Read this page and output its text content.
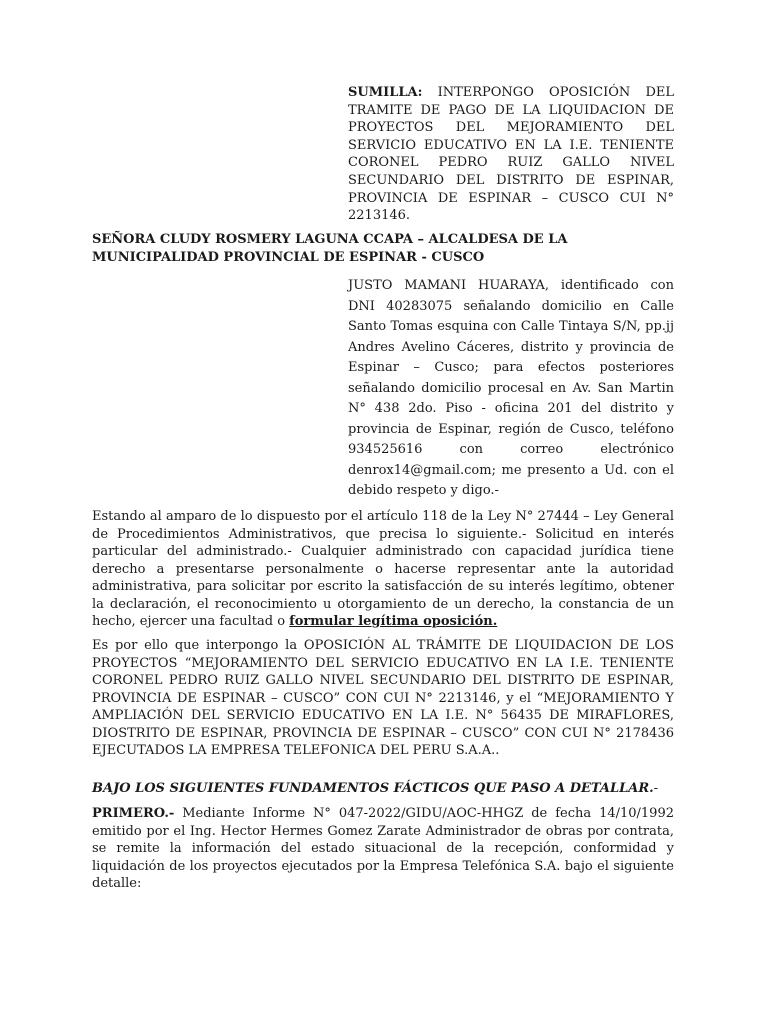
SUMILLA: INTERPONGO OPOSICIÓN DEL TRAMITE DE PAGO DE LA LIQUIDACION DE PROYECTOS DEL MEJORAMIENTO DEL SERVICIO EDUCATIVO EN LA I.E. TENIENTE CORONEL PEDRO RUIZ GALLO NIVEL SECUNDARIO DEL DISTRITO DE ESPINAR, PROVINCIA DE ESPINAR – CUSCO CUI N° 2213146.
SEÑORA CLUDY ROSMERY LAGUNA CCAPA – ALCALDESA DE LA MUNICIPALIDAD PROVINCIAL DE ESPINAR - CUSCO
JUSTO MAMANI HUARAYA, identificado con DNI 40283075 señalando domicilio en Calle Santo Tomas esquina con Calle Tintaya S/N, pp.jj Andres Avelino Cáceres, distrito y provincia de Espinar – Cusco; para efectos posteriores señalando domicilio procesal en Av. San Martin N° 438 2do. Piso - oficina 201 del distrito y provincia de Espinar, región de Cusco, teléfono 934525616 con correo electrónico denrox14@gmail.com; me presento a Ud. con el debido respeto y digo.-
Estando al amparo de lo dispuesto por el artículo 118 de la Ley N° 27444 – Ley General de Procedimientos Administrativos, que precisa lo siguiente.- Solicitud en interés particular del administrado.- Cualquier administrado con capacidad jurídica tiene derecho a presentarse personalmente o hacerse representar ante la autoridad administrativa, para solicitar por escrito la satisfacción de su interés legítimo, obtener la declaración, el reconocimiento u otorgamiento de un derecho, la constancia de un hecho, ejercer una facultad o formular legítima oposición.
Es por ello que interpongo la OPOSICIÓN AL TRÁMITE DE LIQUIDACION DE LOS PROYECTOS “MEJORAMIENTO DEL SERVICIO EDUCATIVO EN LA I.E. TENIENTE CORONEL PEDRO RUIZ GALLO NIVEL SECUNDARIO DEL DISTRITO DE ESPINAR, PROVINCIA DE ESPINAR – CUSCO” CON CUI N° 2213146, y el “MEJORAMIENTO Y AMPLIACIÓN DEL SERVICIO EDUCATIVO EN LA I.E. N° 56435 DE MIRAFLORES, DIOSTRITO DE ESPINAR, PROVINCIA DE ESPINAR – CUSCO” CON CUI N° 2178436 EJECUTADOS LA EMPRESA TELEFONICA DEL PERU S.A.A..
BAJO LOS SIGUIENTES FUNDAMENTOS FÁCTICOS QUE PASO A DETALLAR.-
PRIMERO.- Mediante Informe N° 047-2022/GIDU/AOC-HHGZ de fecha 14/10/1992 emitido por el Ing. Hector Hermes Gomez Zarate Administrador de obras por contrata, se remite la información del estado situacional de la recepción, conformidad y liquidación de los proyectos ejecutados por la Empresa Telefónica S.A. bajo el siguiente detalle:
